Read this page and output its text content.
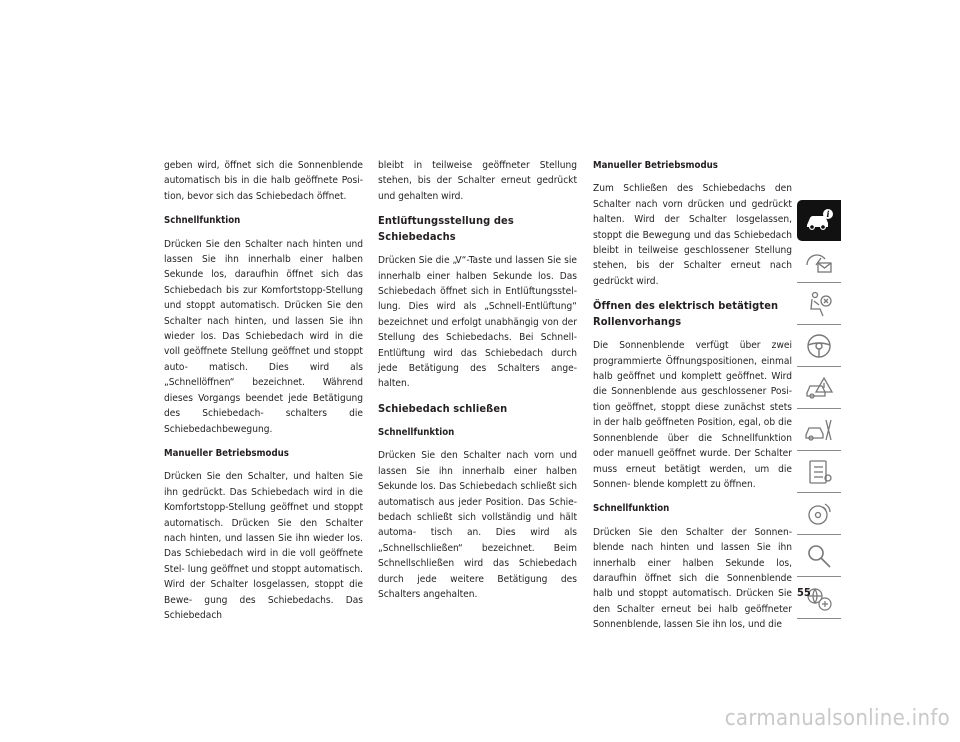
geben wird, öffnet sich die Sonnenblende automatisch bis in die halb geöffnete Posi- tion, bevor sich das Schiebedach öffnet.

Schnellfunktion

Drücken Sie den Schalter nach hinten und lassen Sie ihn innerhalb einer halben Sekunde los, daraufhin öffnet sich das Schiebedach bis zur Komfortstopp-Stellung und stoppt automatisch. Drücken Sie den Schalter nach hinten, und lassen Sie ihn wieder los. Das Schiebedach wird in die voll geöffnete Stellung geöffnet und stoppt auto- matisch. Dies wird als „Schnellöffnen“ bezeichnet. Während dieses Vorgangs beendet jede Betätigung des Schiebedach- schalters die Schiebedachbewegung.

Manueller Betriebsmodus

Drücken Sie den Schalter, und halten Sie ihn gedrückt. Das Schiebedach wird in die Komfortstopp-Stellung geöffnet und stoppt automatisch. Drücken Sie den Schalter nach hinten, und lassen Sie ihn wieder los. Das Schiebedach wird in die voll geöffnete Stel- lung geöffnet und stoppt automatisch. Wird der Schalter losgelassen, stoppt die Bewe- gung des Schiebedachs. Das Schiebedach

bleibt in teilweise geöffneter Stellung stehen, bis der Schalter erneut gedrückt und gehalten wird.

Entlüftungsstellung des Schiebedachs

Drücken Sie die „V“-Taste und lassen Sie sie innerhalb einer halben Sekunde los. Das Schiebedach öffnet sich in Entlüftungsstel- lung. Dies wird als „Schnell-Entlüftung“ bezeichnet und erfolgt unabhängig von der Stellung des Schiebedachs. Bei Schnell-Entlüftung wird das Schiebedach durch jede Betätigung des Schalters ange- halten.

Schiebedach schließen
Schnellfunktion

Drücken Sie den Schalter nach vorn und lassen Sie ihn innerhalb einer halben Sekunde los. Das Schiebedach schließt sich automatisch aus jeder Position. Das Schie- bedach schließt sich vollständig und hält automa- tisch an. Dies wird als „Schnellschließen“ bezeichnet. Beim Schnellschließen wird das Schiebedach durch jede weitere Betätigung des Schalters angehalten.

Manueller Betriebsmodus

Zum Schließen des Schiebedachs den Schalter nach vorn drücken und gedrückt halten. Wird der Schalter losgelassen, stoppt die Bewegung und das Schiebedach bleibt in teilweise geschlossener Stellung stehen, bis der Schalter erneut nach gedrückt wird.

Öffnen des elektrisch betätigten
Rollenvorhangs

Die Sonnenblende verfügt über zwei programmierte Öffnungspositionen, einmal halb geöffnet und komplett geöffnet. Wird die Sonnenblende aus geschlossener Posi- tion geöffnet, stoppt diese zunächst stets in der halb geöffneten Position, egal, ob die Sonnenblende über die Schnellfunktion oder manuell geöffnet wurde. Der Schalter muss erneut betätigt werden, um die Sonnen- blende komplett zu öffnen.

Schnellfunktion

Drücken Sie den Schalter der Sonnen- blende nach hinten und lassen Sie ihn innerhalb einer halben Sekunde los, daraufhin öffnet sich die Sonnenblende halb und stoppt automatisch. Drücken Sie den Schalter erneut bei halb geöffneter Sonnenblende, lassen Sie ihn los, und die

i
55
carmanualsonline.info
